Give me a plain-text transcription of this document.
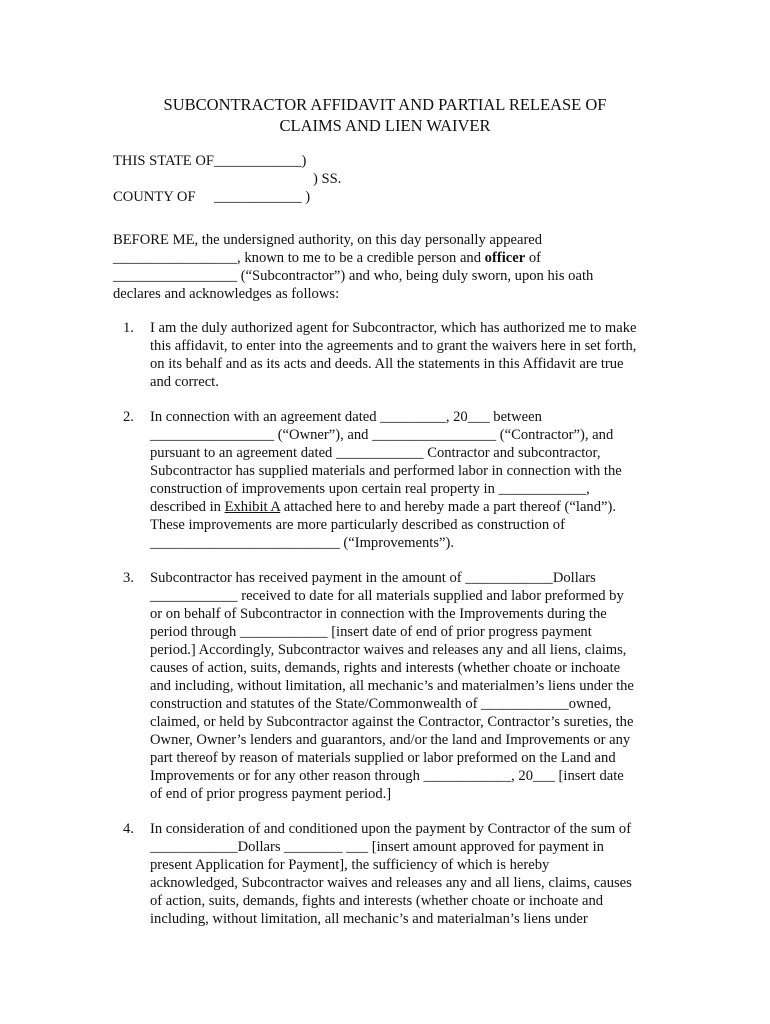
SUBCONTRACTOR AFFIDAVIT AND PARTIAL RELEASE OF
CLAIMS AND LIEN WAIVER
THIS STATE OF____________)
) SS.
COUNTY OF ____________ )
BEFORE ME, the undersigned authority, on this day personally appeared
_________________, known to me to be a credible person and officer of
_________________ (“Subcontractor”) and who, being duly sworn, upon his oath
declares and acknowledges as follows:
1. I am the duly authorized agent for Subcontractor, which has authorized me to make
this affidavit, to enter into the agreements and to grant the waivers here in set forth,
on its behalf and as its acts and deeds. All the statements in this Affidavit are true
and correct.
2. In connection with an agreement dated _________, 20___ between
_________________ (“Owner”), and _________________ (“Contractor”), and
pursuant to an agreement dated ____________ Contractor and subcontractor,
Subcontractor has supplied materials and performed labor in connection with the
construction of improvements upon certain real property in ____________,
described in Exhibit A attached here to and hereby made a part thereof (“land”).
These improvements are more particularly described as construction of
__________________________ (“Improvements”).
3. Subcontractor has received payment in the amount of ____________Dollars
____________ received to date for all materials supplied and labor preformed by
or on behalf of Subcontractor in connection with the Improvements during the
period through ____________ [insert date of end of prior progress payment
period.] Accordingly, Subcontractor waives and releases any and all liens, claims,
causes of action, suits, demands, rights and interests (whether choate or inchoate
and including, without limitation, all mechanic’s and materialmen’s liens under the
construction and statutes of the State/Commonwealth of ____________owned,
claimed, or held by Subcontractor against the Contractor, Contractor’s sureties, the
Owner, Owner’s lenders and guarantors, and/or the land and Improvements or any
part thereof by reason of materials supplied or labor preformed on the Land and
Improvements or for any other reason through ____________, 20___ [insert date
of end of prior progress payment period.]
4. In consideration of and conditioned upon the payment by Contractor of the sum of
____________Dollars ________ ___ [insert amount approved for payment in
present Application for Payment], the sufficiency of which is hereby
acknowledged, Subcontractor waives and releases any and all liens, claims, causes
of action, suits, demands, fights and interests (whether choate or inchoate and
including, without limitation, all mechanic’s and materialman’s liens under
